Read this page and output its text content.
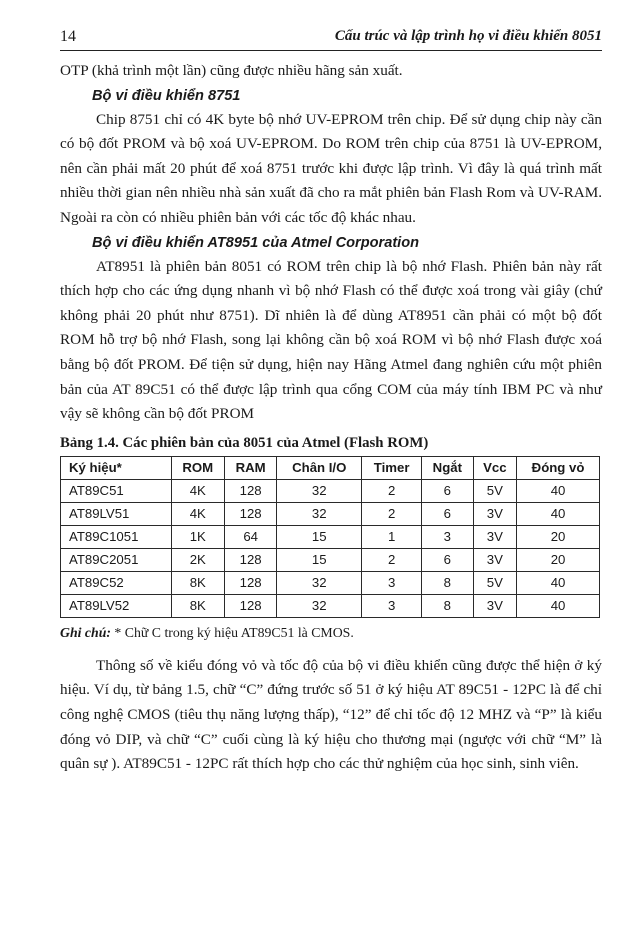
14	Cấu trúc và lập trình họ vi điều khiển 8051

OTP (khả trình một lần) cũng được nhiều hãng sản xuất.

Bộ vi điều khiển 8751

Chip 8751 chỉ có 4K byte bộ nhớ UV-EPROM trên chip. Để sử dụng chip này cần có bộ đốt PROM và bộ xoá UV-EPROM. Do ROM trên chip của 8751 là UV-EPROM, nên cần phải mất 20 phút để xoá 8751 trước khi được lập trình. Vì đây là quá trình mất nhiều thời gian nên nhiều nhà sản xuất đã cho ra mắt phiên bản Flash Rom và UV-RAM. Ngoài ra còn có nhiều phiên bản với các tốc độ khác nhau.

Bộ vi điều khiển AT8951 của Atmel Corporation

AT8951 là phiên bản 8051 có ROM trên chip là bộ nhớ Flash. Phiên bản này rất thích hợp cho các ứng dụng nhanh vì bộ nhớ Flash có thể được xoá trong vài giây (chứ không phải 20 phút như 8751). Dĩ nhiên là để dùng AT8951 cần phải có một bộ đốt ROM hỗ trợ bộ nhớ Flash, song lại không cần bộ xoá ROM vì bộ nhớ Flash được xoá bằng bộ đốt PROM. Để tiện sử dụng, hiện nay Hãng Atmel đang nghiên cứu một phiên bản của AT 89C51 có thể được lập trình qua cổng COM của máy tính IBM PC và như vậy sẽ không cần bộ đốt PROM

Bảng 1.4. Các phiên bản của 8051 của Atmel (Flash ROM)
Ký hiệu*	ROM	RAM	Chân I/O	Timer	Ngắt	Vcc	Đóng vỏ
AT89C51	4K	128	32	2	6	5V	40
AT89LV51	4K	128	32	2	6	3V	40
AT89C1051	1K	64	15	1	3	3V	20
AT89C2051	2K	128	15	2	6	3V	20
AT89C52	8K	128	32	3	8	5V	40
AT89LV52	8K	128	32	3	8	3V	40
Ghi chú: * Chữ C trong ký hiệu AT89C51 là CMOS.

Thông số về kiểu đóng vỏ và tốc độ của bộ vi điều khiển cũng được thể hiện ở ký hiệu. Ví dụ, từ bảng 1.5, chữ “C” đứng trước số 51 ở ký hiệu AT 89C51 - 12PC là để chỉ công nghệ CMOS (tiêu thụ năng lượng thấp), “12” để chỉ tốc độ 12 MHZ và “P” là kiểu đóng vỏ DIP, và chữ “C” cuối cùng là ký hiệu cho thương mại (ngược với chữ “M” là quân sự ). AT89C51 - 12PC rất thích hợp cho các thử nghiệm của học sinh, sinh viên.
